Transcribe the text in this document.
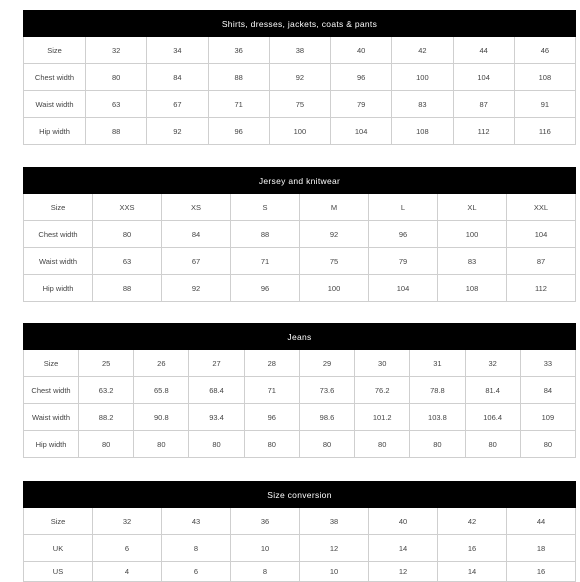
Shirts, dresses, jackets, coats & pants								
Size	32	34	36	38	40	42	44	46
Chest width	80	84	88	92	96	100	104	108
Waist width	63	67	71	75	79	83	87	91
Hip width	88	92	96	100	104	108	112	116
Jersey and knitwear							
Size	XXS	XS	S	M	L	XL	XXL
Chest width	80	84	88	92	96	100	104
Waist width	63	67	71	75	79	83	87
Hip width	88	92	96	100	104	108	112
Jeans									
Size	25	26	27	28	29	30	31	32	33
Chest width	63.2	65.8	68.4	71	73.6	76.2	78.8	81.4	84
Waist width	88.2	90.8	93.4	96	98.6	101.2	103.8	106.4	109
Hip width	80	80	80	80	80	80	80	80	80
Size conversion							
Size	32	43	36	38	40	42	44
UK	6	8	10	12	14	16	18
US	4	6	8	10	12	14	16
